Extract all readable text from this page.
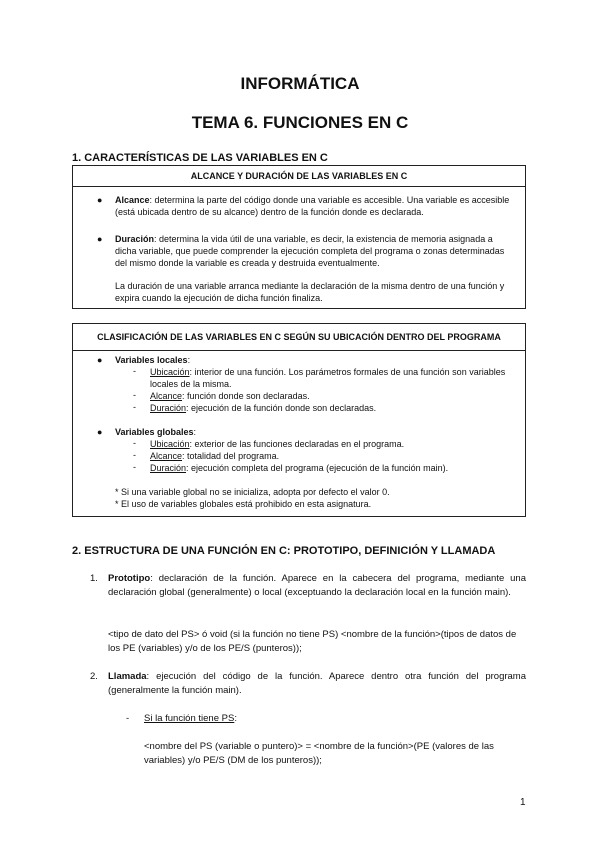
INFORMÁTICA
TEMA 6. FUNCIONES EN C
1. CARACTERÍSTICAS DE LAS VARIABLES EN C
ALCANCE Y DURACIÓN DE LAS VARIABLES EN C
● Alcance: determina la parte del código donde una variable es accesible. Una variable es accesible (está ubicada dentro de su alcance) dentro de la función donde es declarada.
● Duración: determina la vida útil de una variable, es decir, la existencia de memoria asignada a dicha variable, que puede comprender la ejecución completa del programa o zonas determinadas del mismo donde la variable es creada y destruida eventualmente.
La duración de una variable arranca mediante la declaración de la misma dentro de una función y expira cuando la ejecución de dicha función finaliza.
CLASIFICACIÓN DE LAS VARIABLES EN C SEGÚN SU UBICACIÓN DENTRO DEL PROGRAMA
● Variables locales:
- Ubicación: interior de una función. Los parámetros formales de una función son variables locales de la misma.
- Alcance: función donde son declaradas.
- Duración: ejecución de la función donde son declaradas.
● Variables globales:
- Ubicación: exterior de las funciones declaradas en el programa.
- Alcance: totalidad del programa.
- Duración: ejecución completa del programa (ejecución de la función main).
* Si una variable global no se inicializa, adopta por defecto el valor 0.
* El uso de variables globales está prohibido en esta asignatura.
2. ESTRUCTURA DE UNA FUNCIÓN EN C: PROTOTIPO, DEFINICIÓN Y LLAMADA
1. Prototipo: declaración de la función. Aparece en la cabecera del programa, mediante una declaración global (generalmente) o local (exceptuando la declaración local en la función main).
<tipo de dato del PS> ó void (si la función no tiene PS) <nombre de la función>(tipos de datos de los PE (variables) y/o de los PE/S (punteros));
2. Llamada: ejecución del código de la función. Aparece dentro otra función del programa (generalmente la función main).
- Si la función tiene PS:
<nombre del PS (variable o puntero)> = <nombre de la función>(PE (valores de las variables) y/o PE/S (DM de los punteros));
1
